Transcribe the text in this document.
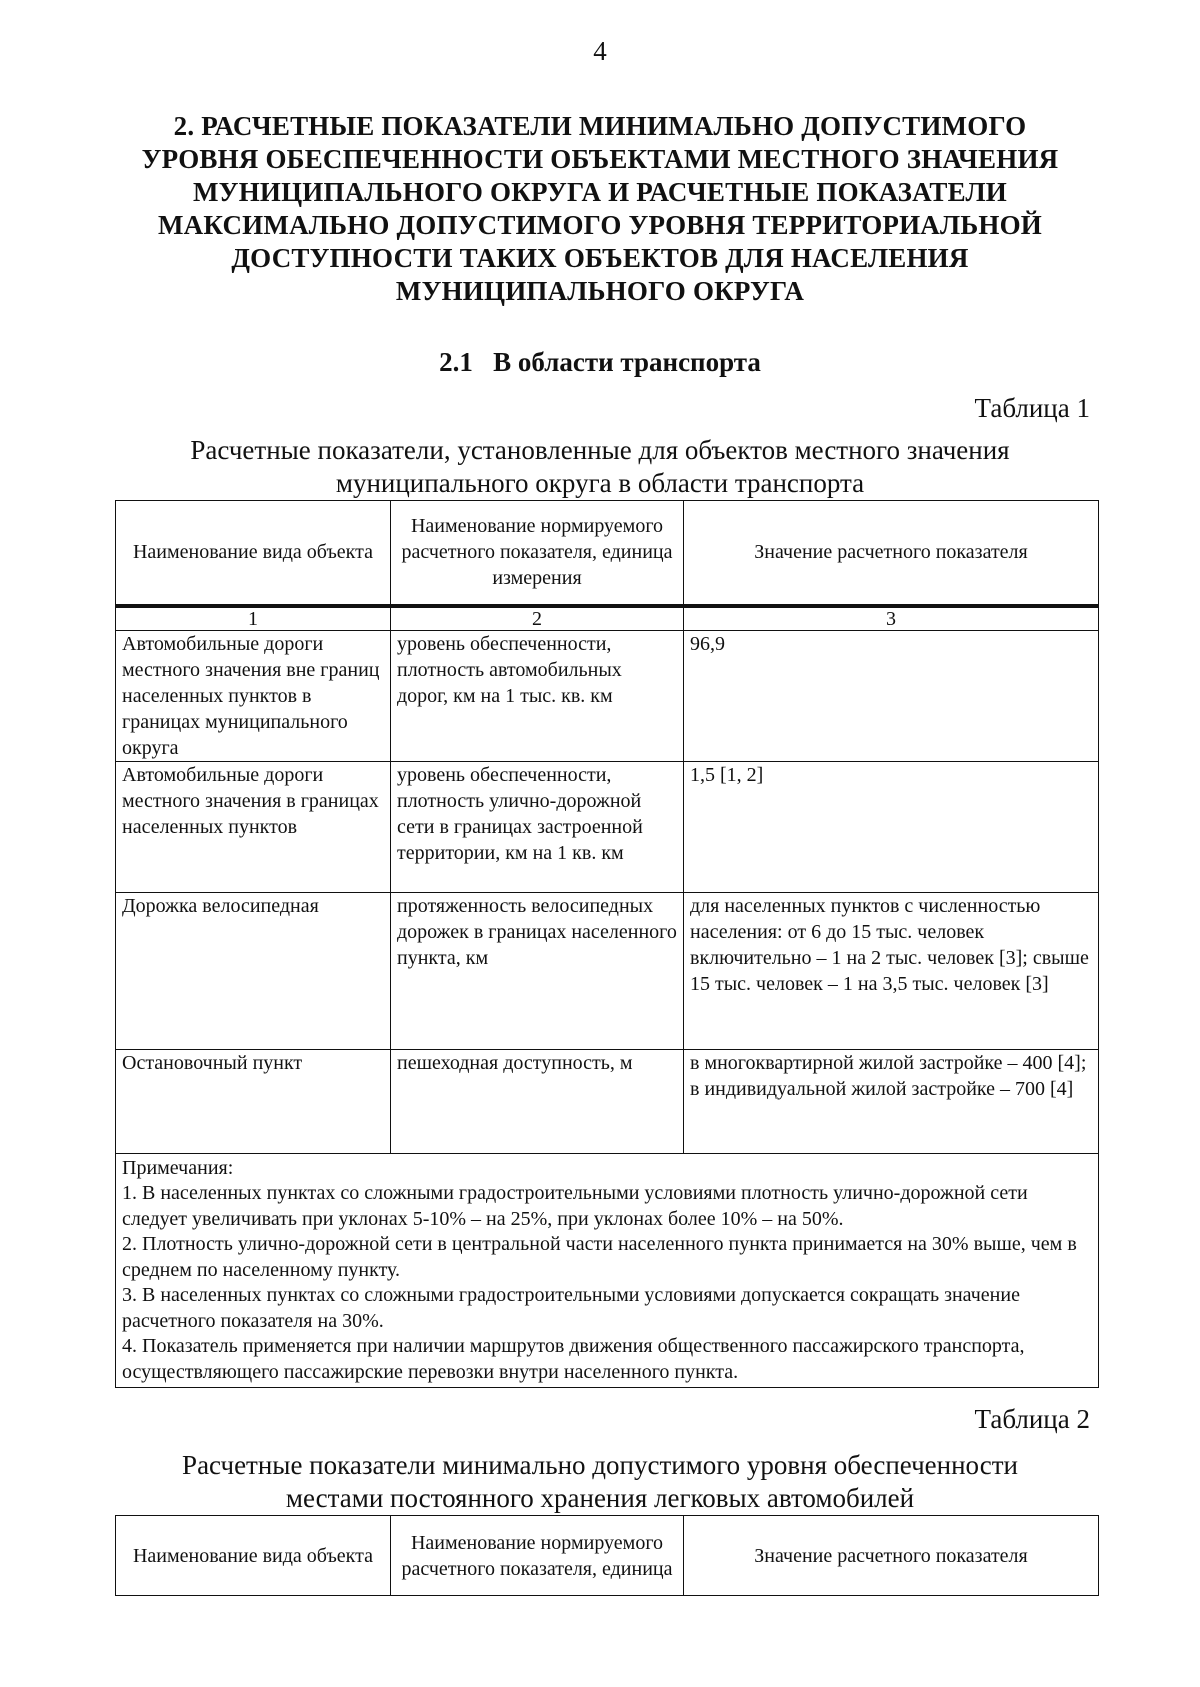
4
2. РАСЧЕТНЫЕ ПОКАЗАТЕЛИ МИНИМАЛЬНО ДОПУСТИМОГО
УРОВНЯ ОБЕСПЕЧЕННОСТИ ОБЪЕКТАМИ МЕСТНОГО ЗНАЧЕНИЯ
МУНИЦИПАЛЬНОГО ОКРУГА И РАСЧЕТНЫЕ ПОКАЗАТЕЛИ
МАКСИМАЛЬНО ДОПУСТИМОГО УРОВНЯ ТЕРРИТОРИАЛЬНОЙ
ДОСТУПНОСТИ ТАКИХ ОБЪЕКТОВ ДЛЯ НАСЕЛЕНИЯ
МУНИЦИПАЛЬНОГО ОКРУГА
2.1   В области транспорта
Таблица 1
Расчетные показатели, установленные для объектов местного значения
муниципального округа в области транспорта
Наименование вида объекта	Наименование нормируемого расчетного показателя, единица измерения	Значение расчетного показателя
1	2	3
Автомобильные дороги местного значения вне границ населенных пунктов в границах муниципального округа	уровень обеспеченности, плотность автомобильных дорог, км на 1 тыс. кв. км	96,9
Автомобильные дороги местного значения в границах населенных пунктов	уровень обеспеченности, плотность улично-дорожной сети в границах застроенной территории, км на 1 кв. км	1,5 [1, 2]
Дорожка велосипедная	протяженность велосипедных дорожек в границах населенного пункта, км	для населенных пунктов с численностью населения: от 6 до 15 тыс. человек включительно – 1 на 2 тыс. человек [3]; свыше 15 тыс. человек – 1 на 3,5 тыс. человек [3]
Остановочный пункт	пешеходная доступность, м	в многоквартирной жилой застройке – 400 [4]; в индивидуальной жилой застройке – 700 [4]

Примечания:
1. В населенных пунктах со сложными градостроительными условиями плотность улично-дорожной сети следует увеличивать при уклонах 5-10% – на 25%, при уклонах более 10% – на 50%.
2. Плотность улично-дорожной сети в центральной части населенного пункта принимается на 30% выше, чем в среднем по населенному пункту.
3. В населенных пунктах со сложными градостроительными условиями допускается сокращать значение расчетного показателя на 30%.
4. Показатель применяется при наличии маршрутов движения общественного пассажирского транспорта, осуществляющего пассажирские перевозки внутри населенного пункта.		
Таблица 2
Расчетные показатели минимально допустимого уровня обеспеченности
местами постоянного хранения легковых автомобилей
Наименование вида объекта	Наименование нормируемого расчетного показателя, единица	Значение расчетного показателя
